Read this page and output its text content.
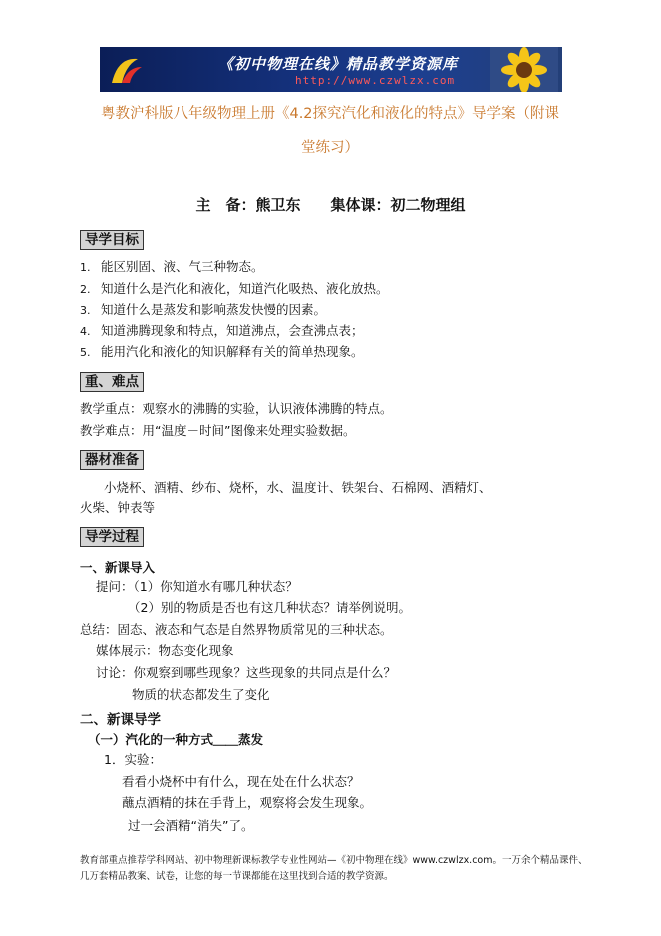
《初中物理在线》精品教学资源库
http://www.czwlzx.com
粤教沪科版八年级物理上册《4.2探究汽化和液化的特点》导学案（附课
堂练习）
主　备：熊卫东　　集体课：初二物理组
导学目标
1. 能区别固、液、气三种物态。
2. 知道什么是汽化和液化，知道汽化吸热、液化放热。
3. 知道什么是蒸发和影响蒸发快慢的因素。
4. 知道沸腾现象和特点，知道沸点，会查沸点表；
5. 能用汽化和液化的知识解释有关的简单热现象。
重、难点
教学重点：观察水的沸腾的实验，认识液体沸腾的特点。
教学难点：用“温度－时间”图像来处理实验数据。
器材准备
小烧杯、酒精、纱布、烧杯，水、温度计、铁架台、石棉网、酒精灯、
火柴、钟表等
导学过程
一、新课导入
提问：（1）你知道水有哪几种状态？
（2）别的物质是否也有这几种状态？请举例说明。
总结：固态、液态和气态是自然界物质常见的三种状态。
媒体展示：物态变化现象
讨论：你观察到哪些现象？这些现象的共同点是什么？
物质的状态都发生了变化
二、新课导学
（一）汽化的一种方式＿＿蒸发
1．实验：
看看小烧杯中有什么，现在处在什么状态？
蘸点酒精的抹在手背上，观察将会发生现象。
过一会酒精“消失”了。
教育部重点推荐学科网站、初中物理新课标教学专业性网站—《初中物理在线》www.czwlzx.com。一万余个精品课件、几万套精品教案、试卷，让您的每一节课都能在这里找到合适的教学资源。
